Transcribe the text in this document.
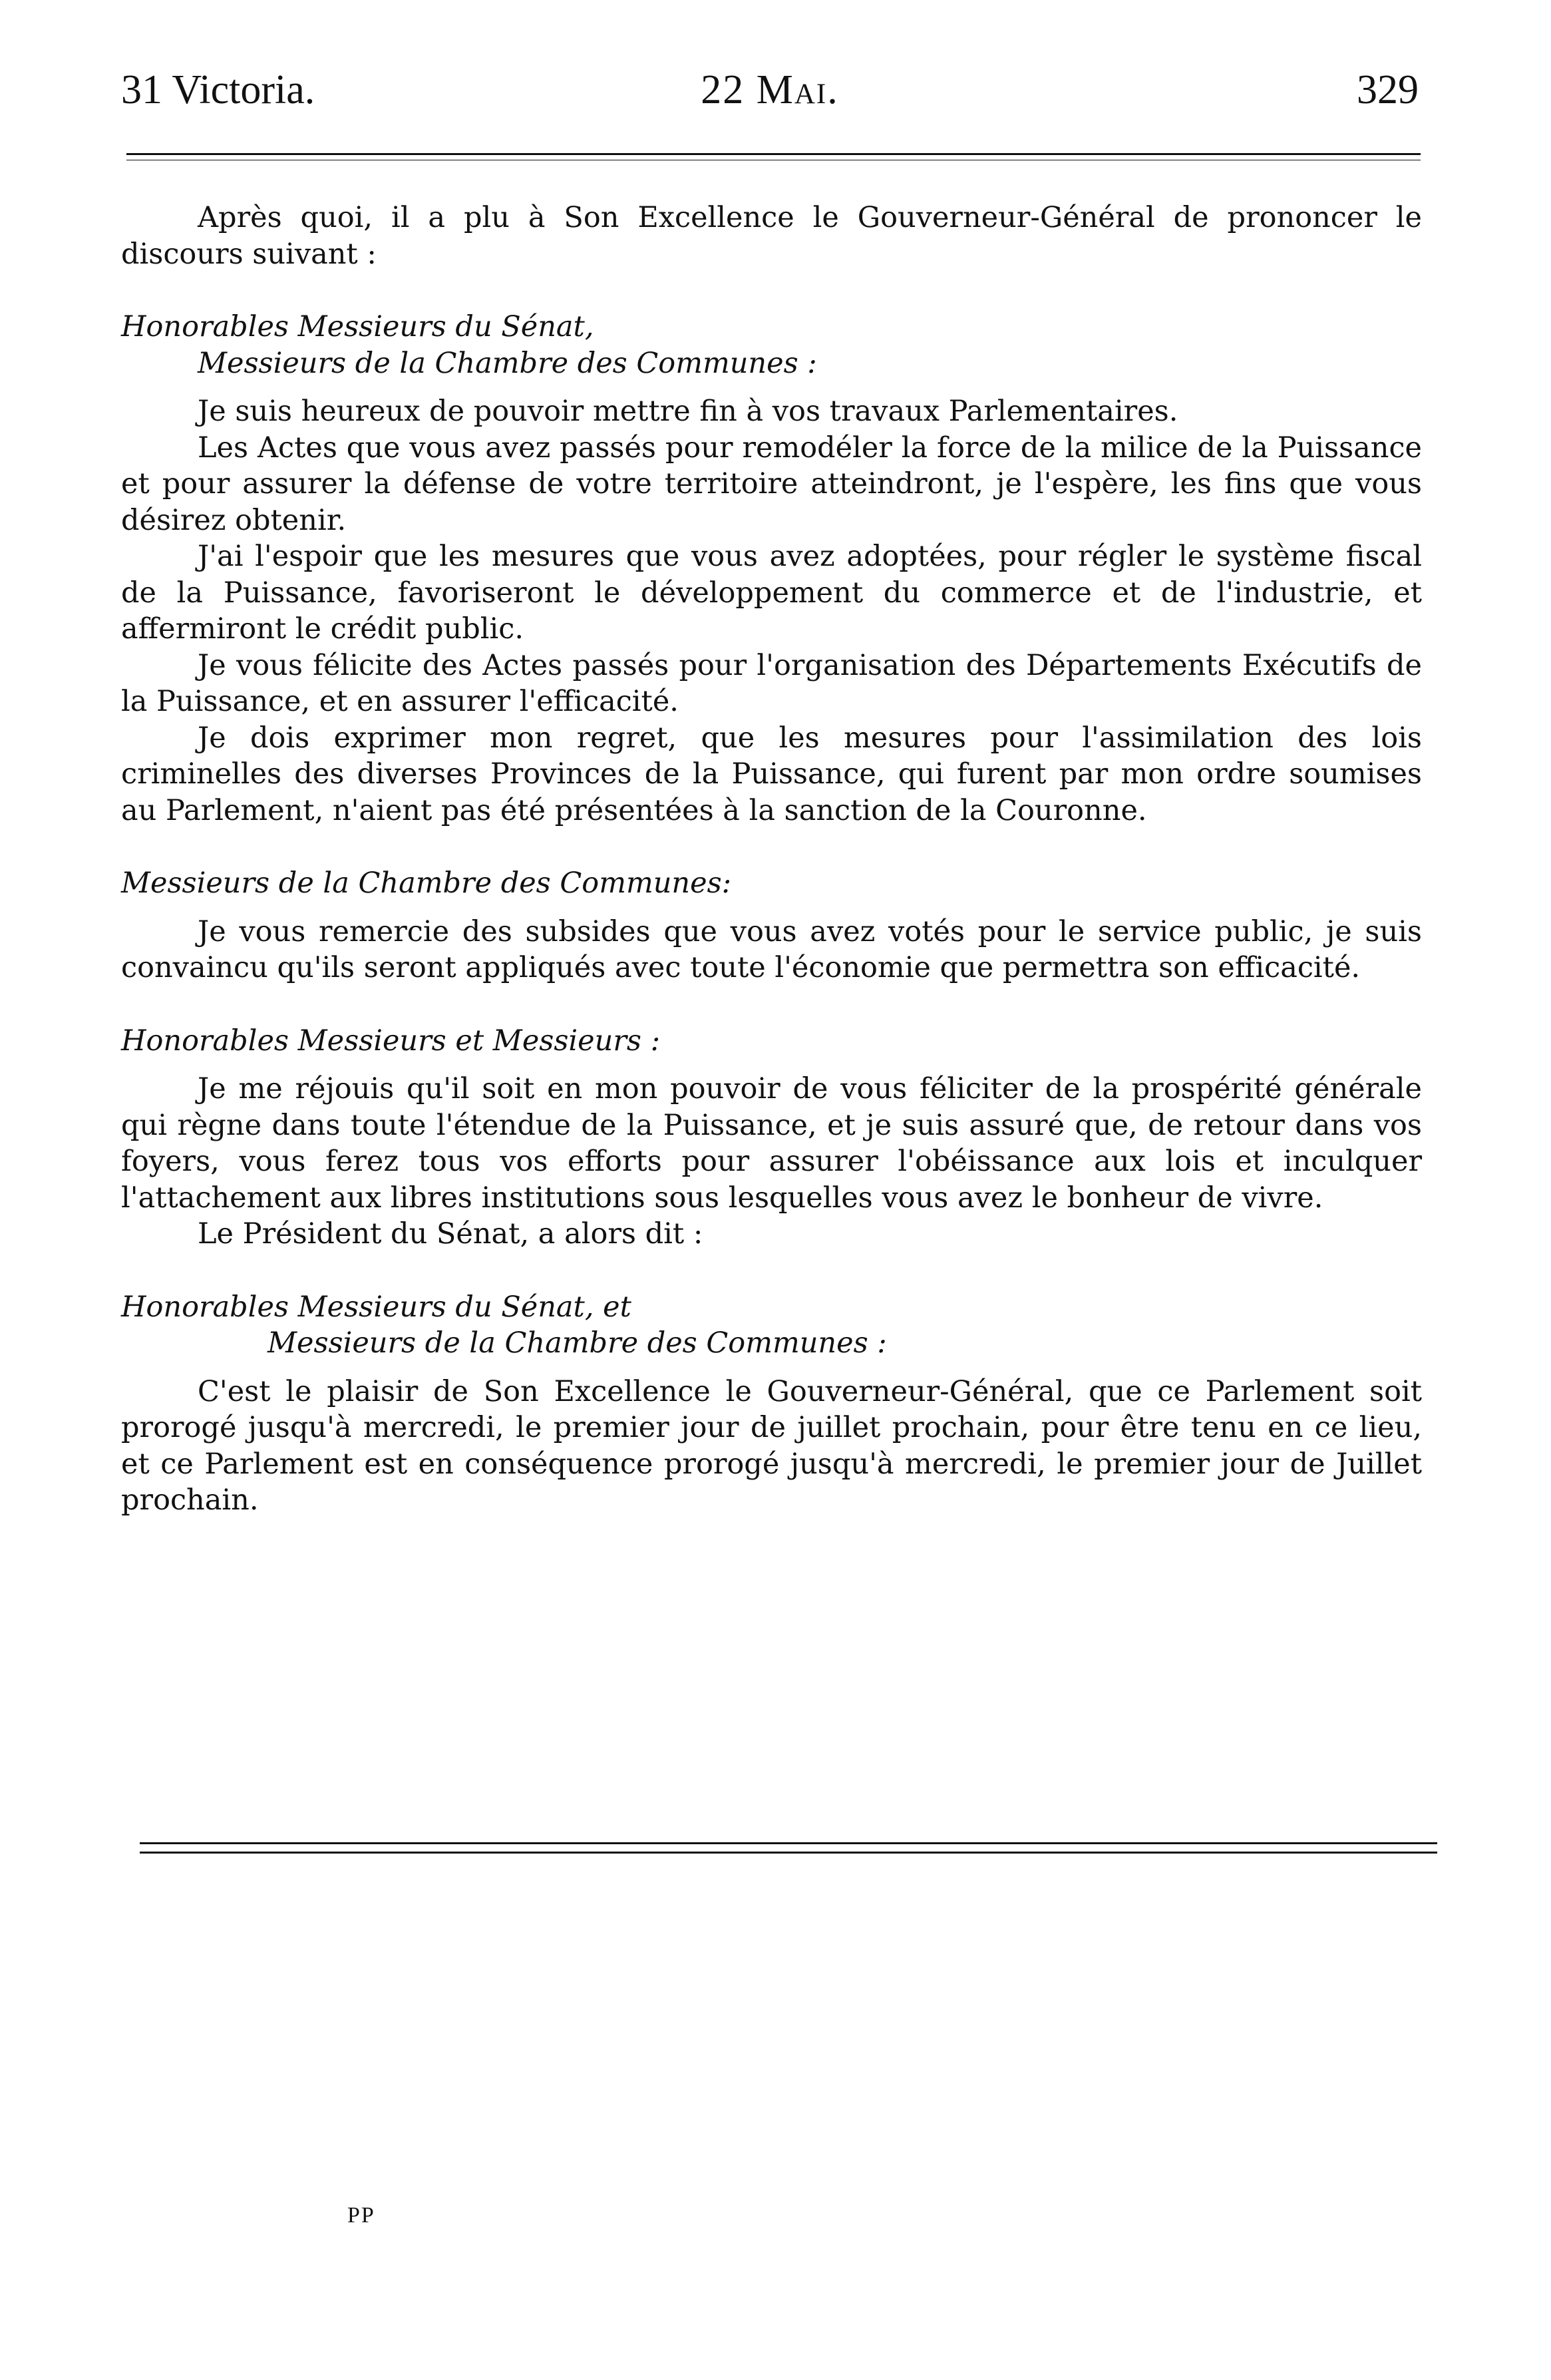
31 Victoria.	22 Mai.	329

Après quoi, il a plu à Son Excellence le Gouverneur-Général de prononcer le discours suivant :

Honorables Messieurs du Sénat,

Messieurs de la Chambre des Communes :

Je suis heureux de pouvoir mettre fin à vos travaux Parlementaires.

Les Actes que vous avez passés pour remodéler la force de la milice de la Puissance et pour assurer la défense de votre territoire atteindront, je l'espère, les fins que vous désirez obtenir.

J'ai l'espoir que les mesures que vous avez adoptées, pour régler le système fiscal de la Puissance, favoriseront le développement du commerce et de l'industrie, et affermiront le crédit public.

Je vous félicite des Actes passés pour l'organisation des Départements Exécutifs de la Puissance, et en assurer l'efficacité.

Je dois exprimer mon regret, que les mesures pour l'assimilation des lois criminelles des diverses Provinces de la Puissance, qui furent par mon ordre soumises au Parlement, n'aient pas été présentées à la sanction de la Couronne.

Messieurs de la Chambre des Communes:

Je vous remercie des subsides que vous avez votés pour le service public, je suis convaincu qu'ils seront appliqués avec toute l'économie que permettra son efficacité.

Honorables Messieurs et Messieurs :

Je me réjouis qu'il soit en mon pouvoir de vous féliciter de la prospérité générale qui règne dans toute l'étendue de la Puissance, et je suis assuré que, de retour dans vos foyers, vous ferez tous vos efforts pour assurer l'obéissance aux lois et inculquer l'attachement aux libres institutions sous lesquelles vous avez le bonheur de vivre.

Le Président du Sénat, a alors dit :

Honorables Messieurs du Sénat, et

Messieurs de la Chambre des Communes :

C'est le plaisir de Son Excellence le Gouverneur-Général, que ce Parlement soit prorogé jusqu'à mercredi, le premier jour de juillet prochain, pour être tenu en ce lieu, et ce Parlement est en conséquence prorogé jusqu'à mercredi, le premier jour de Juillet prochain.

PP
